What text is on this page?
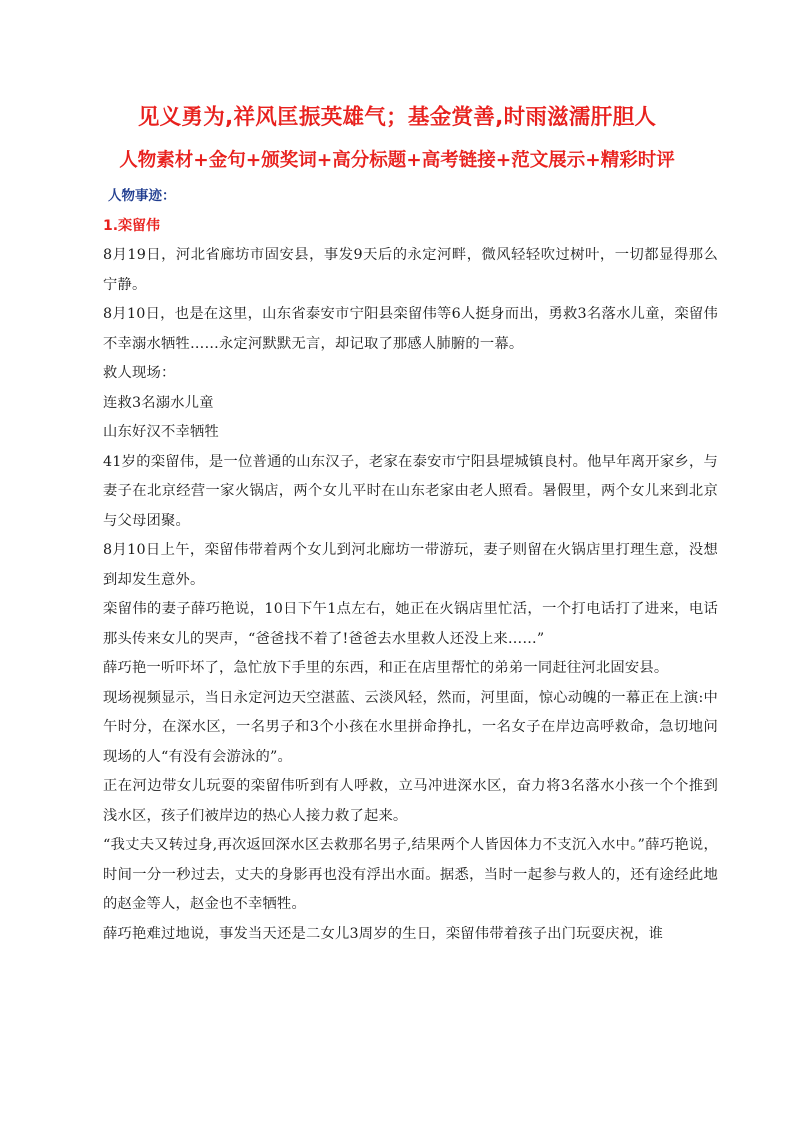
见义勇为,祥风匡振英雄气；基金赏善,时雨滋濡肝胆人
人物素材+金句+颁奖词+高分标题+高考链接+范文展示+精彩时评
人物事迹：
1.栾留伟

8月19日，河北省廊坊市固安县，事发9天后的永定河畔，微风轻轻吹过树叶，一切都显得那么宁静。

8月10日，也是在这里，山东省泰安市宁阳县栾留伟等6人挺身而出，勇救3名落水儿童，栾留伟不幸溺水牺牲……永定河默默无言，却记取了那感人肺腑的一幕。

救人现场：

连救3名溺水儿童

山东好汉不幸牺牲

41岁的栾留伟，是一位普通的山东汉子，老家在泰安市宁阳县堽城镇良村。他早年离开家乡，与妻子在北京经营一家火锅店，两个女儿平时在山东老家由老人照看。暑假里，两个女儿来到北京与父母团聚。

8月10日上午，栾留伟带着两个女儿到河北廊坊一带游玩，妻子则留在火锅店里打理生意，没想到却发生意外。

栾留伟的妻子薛巧艳说，10日下午1点左右，她正在火锅店里忙活，一个打电话打了进来，电话那头传来女儿的哭声，“爸爸找不着了!爸爸去水里救人还没上来……”

薛巧艳一听吓坏了，急忙放下手里的东西，和正在店里帮忙的弟弟一同赶往河北固安县。

现场视频显示，当日永定河边天空湛蓝、云淡风轻，然而，河里面，惊心动魄的一幕正在上演:中午时分，在深水区，一名男子和3个小孩在水里拼命挣扎，一名女子在岸边高呼救命，急切地问现场的人“有没有会游泳的”。

正在河边带女儿玩耍的栾留伟听到有人呼救，立马冲进深水区，奋力将3名落水小孩一个个推到浅水区，孩子们被岸边的热心人接力救了起来。

“我丈夫又转过身,再次返回深水区去救那名男子,结果两个人皆因体力不支沉入水中。”薛巧艳说，时间一分一秒过去，丈夫的身影再也没有浮出水面。据悉，当时一起参与救人的，还有途经此地的赵金等人，赵金也不幸牺牲。

薛巧艳难过地说，事发当天还是二女儿3周岁的生日，栾留伟带着孩子出门玩耍庆祝，谁
